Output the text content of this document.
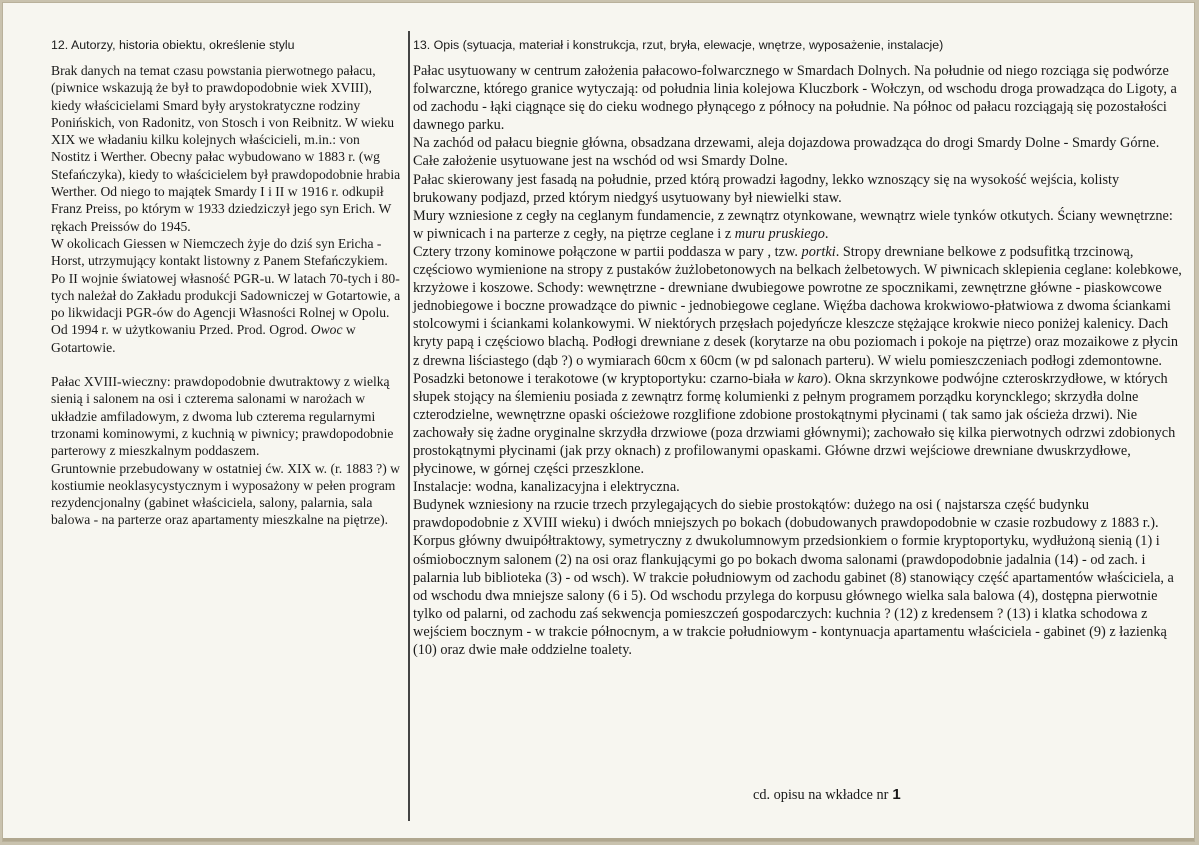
12. Autorzy, historia obiektu, określenie stylu

Brak danych na temat czasu powstania pierwotnego pałacu, (piwnice wskazują że był to prawdopodobnie wiek XVIII), kiedy właścicielami Smard były arystokratyczne rodziny Ponińskich, von Radonitz, von Stosch i von Reibnitz. W wieku XIX we władaniu kilku kolejnych właścicieli, m.in.: von Nostitz i Werther. Obecny pałac wybudowano w 1883 r. (wg Stefańczyka), kiedy to właścicielem był prawdopodobnie hrabia Werther. Od niego to majątek Smardy I i II w 1916 r. odkupił Franz Preiss, po którym w 1933 dziedziczył jego syn Erich. W rękach Preissów do 1945.

W okolicach Giessen w Niemczech żyje do dziś syn Ericha - Horst, utrzymujący kontakt listowny z Panem Stefańczykiem.

Po II wojnie światowej własność PGR-u. W latach 70-tych i 80-tych należał do Zakładu produkcji Sadowniczej w Gotartowie, a po likwidacji PGR-ów do Agencji Własności Rolnej w Opolu. Od 1994 r. w użytkowaniu Przed. Prod. Ogrod. Owoc w Gotartowie.

Pałac XVIII-wieczny: prawdopodobnie dwutraktowy z wielką sienią i salonem na osi i czterema salonami w narożach w układzie amfiladowym, z dwoma lub czterema regularnymi trzonami kominowymi, z kuchnią w piwnicy; prawdopodobnie parterowy z mieszkalnym poddaszem.

Gruntownie przebudowany w ostatniej ćw. XIX w. (r. 1883 ?) w kostiumie neoklasycystycznym i wyposażony w pełen program rezydencjonalny (gabinet właściciela, salony, palarnia, sala balowa - na parterze oraz apartamenty mieszkalne na piętrze).

13. Opis (sytuacja, materiał i konstrukcja, rzut, bryła, elewacje, wnętrze, wyposażenie, instalacje)

Pałac usytuowany w centrum założenia pałacowo-folwarcznego w Smardach Dolnych. Na południe od niego rozciąga się podwórze folwarczne, którego granice wytyczają: od południa linia kolejowa Kluczbork - Wołczyn, od wschodu droga prowadząca do Ligoty, a od zachodu - łąki ciągnące się do cieku wodnego płynącego z północy na południe. Na północ od pałacu rozciągają się pozostałości dawnego parku.

Na zachód od pałacu biegnie główna, obsadzana drzewami, aleja dojazdowa prowadząca do drogi Smardy Dolne - Smardy Górne. Całe założenie usytuowane jest na wschód od wsi Smardy Dolne.

Pałac skierowany jest fasadą na południe, przed którą prowadzi łagodny, lekko wznoszący się na wysokość wejścia, kolisty brukowany podjazd, przed którym niedgyś usytuowany był niewielki staw.

Mury wzniesione z cegły na ceglanym fundamencie, z zewnątrz otynkowane, wewnątrz wiele tynków otkutych. Ściany wewnętrzne: w piwnicach i na parterze z cegły, na piętrze ceglane i z muru pruskiego.

Cztery trzony kominowe połączone w partii poddasza w pary , tzw. portki. Stropy drewniane belkowe z podsufitką trzcinową, częściowo wymienione na stropy z pustaków żużlobetonowych na belkach żelbetowych. W piwnicach sklepienia ceglane: kolebkowe, krzyżowe i koszowe. Schody: wewnętrzne - drewniane dwubiegowe powrotne ze spocznikami, zewnętrzne główne - piaskowcowe jednobiegowe i boczne prowadzące do piwnic - jednobiegowe ceglane. Więźba dachowa krokwiowo-płatwiowa z dwoma ściankami stolcowymi i ściankami kolankowymi. W niektórych przęsłach pojedyńcze kleszcze stężające krokwie nieco poniżej kalenicy. Dach kryty papą i częściowo blachą. Podłogi drewniane z desek (korytarze na obu poziomach i pokoje na piętrze) oraz mozaikowe z płycin z drewna liściastego (dąb ?) o wymiarach 60cm x 60cm (w pd salonach parteru). W wielu pomieszczeniach podłogi zdemontowne. Posadzki betonowe i terakotowe (w kryptoportyku: czarno-biała w karo). Okna skrzynkowe podwójne czteroskrzydłowe, w których słupek stojący na ślemieniu posiada z zewnątrz formę kolumienki z pełnym programem porządku koryncklego; skrzydła dolne czterodzielne, wewnętrzne opaski ościeżowe rozglifione zdobione prostokątnymi płycinami ( tak samo jak ościeża drzwi). Nie zachowały się żadne oryginalne skrzydła drzwiowe (poza drzwiami głównymi); zachowało się kilka pierwotnych odrzwi zdobionych prostokątnymi płycinami (jak przy oknach) z profilowanymi opaskami. Główne drzwi wejściowe drewniane dwuskrzydłowe, płycinowe, w górnej części przeszklone.

Instalacje: wodna, kanalizacyjna i elektryczna.

Budynek wzniesiony na rzucie trzech przylegających do siebie prostokątów: dużego na osi ( najstarsza część budynku prawdopodobnie z XVIII wieku) i dwóch mniejszych po bokach (dobudowanych prawdopodobnie w czasie rozbudowy z 1883 r.). Korpus główny dwuipółtraktowy, symetryczny z dwukolumnowym przedsionkiem o formie kryptoportyku, wydłużoną sienią (1) i ośmiobocznym salonem (2) na osi oraz flankującymi go po bokach dwoma salonami (prawdopodobnie jadalnia (14) - od zach. i palarnia lub biblioteka (3) - od wsch). W trakcie południowym od zachodu gabinet (8) stanowiący część apartamentów właściciela, a od wschodu dwa mniejsze salony (6 i 5). Od wschodu przylega do korpusu głównego wielka sala balowa (4), dostępna pierwotnie tylko od palarni, od zachodu zaś sekwencja pomieszczeń gospodarczych: kuchnia ? (12) z kredensem ? (13) i klatka schodowa z wejściem bocznym - w trakcie północnym, a w trakcie południowym - kontynuacja apartamentu właściciela - gabinet (9) z łazienką (10) oraz dwie małe oddzielne toalety.

cd. opisu na wkładce nr 1
